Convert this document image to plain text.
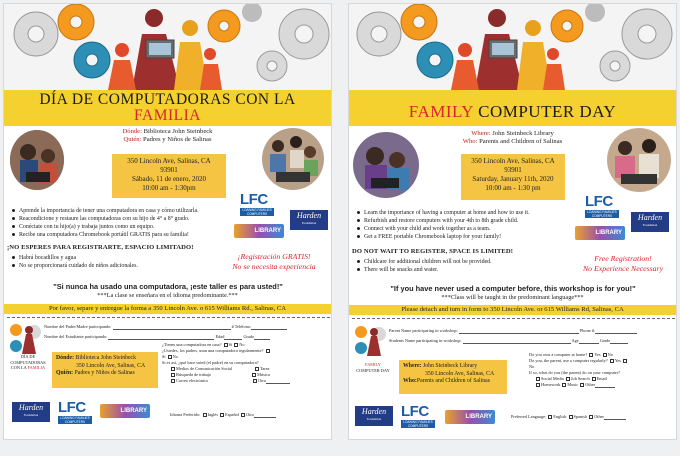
DÍA DE COMPUTADORAS CON LA
FAMILIA
Dónde: Biblioteca John Steinbeck
Quién: Padres y Niños de Salinas
350 Lincoln Ave, Salinas, CA
93901
Sábado, 11 de enero, 2020
10:00 am - 1:30pm
LFC
LOANING FAMILIES COMPUTERS	Harden
Foundation
LIBRARY
Aprende la importancia de tener una computadora en casa y cómo utilizarla.
Reacondicione y restaure las computadoras con su hijo de 4° a 8° grado.
Conéctate con tu hijo(a) y trabaja juntos como un equipo.
Recibe una computadora Chromebook portátil GRATIS para su familia!
¡NO ESPERES PARA REGISTRARTE, ESPACIO LIMITADO!
Habrá bocadillos y agua
No se proporcionará cuidado de niños adicionales.
¡Registración GRATIS!
No se necesita experiencia
"Si nunca ha usado una computadora, ¡este taller es para usted!"
***La clase se enseñara en el idioma predominante.***
Por favor, separe y entregue la forma a 350 Lincoln Ave. o 615 Williams Rd., Salinas, CA
DÍA DE
COMPUTADORAS
CON LA FAMILIA
Dónde: Biblioteca John Steinbeck
350 Lincoln Ave, Salinas, CA
Quién: Padres y Niños de Salinas
Nombre del Padre/Madre participando:	# Teléfono:
Nombre del Estudiante participando:	Edad	Grado
¿Tienes una computadora en casa? Sí No
¿Ustedes, los padres, usan una computadora regularmente? Sí No
Si es así, ¿qué hace usted (el padre) en su computadora?
Medios de Comunicación Social	Tarea
Búsqueda de trabajo	Música
Correo electrónico	Otro
Harden
Foundation	LFC
LOANING FAMILIES COMPUTERS
LIBRARY
Idioma Preferido: Inglés Español Otro
FAMILY COMPUTER DAY
Where: John Steinbeck Library
Who: Parents and Children of Salinas
350 Lincoln Ave, Salinas, CA
93901
Saturday, January 11th, 2020
10:00 am - 1:30 pm
LFC
LOANING FAMILIES COMPUTERS	Harden
Foundation
LIBRARY
Learn the importance of having a computer at home and how to use it.
Refurbish and restore computers with your 4th to 8th grade child.
Connect with your child and work together as a team.
Get a FREE portable Chromebook laptop for your family!
DO NOT WAIT TO REGISTER, SPACE IS LIMITED!
Childcare for additional children will not be provided.
There will be snacks and water.
Free Registration!
No Experience Necessary
"If you have never used a computer before, this workshop is for you!"
***Class will be taught in the predominant language***
Please detach and turn in form to 350 Lincoln Ave. or 615 Williams Rd, Salinas, CA
FAMILY
COMPUTER DAY
Where: John Steinbeck Library
350 Lincoln Ave, Salinas, CA
Who:Parents and Children of Salinas
Parent Name participating in workshop:	Phone #:
Students Name participating in workshop:	Age	Grade
Do you own a computer at home? Yes No
Do you, the parent, use a computer regularly? Yes No
If so, what do you (the parent) do on your computer?
Social Media Job Search Email
Homework Music Other
Harden
Foundation	LFC
LOANING FAMILIES COMPUTERS
LIBRARY	Preferred Language: English Spanish Other
